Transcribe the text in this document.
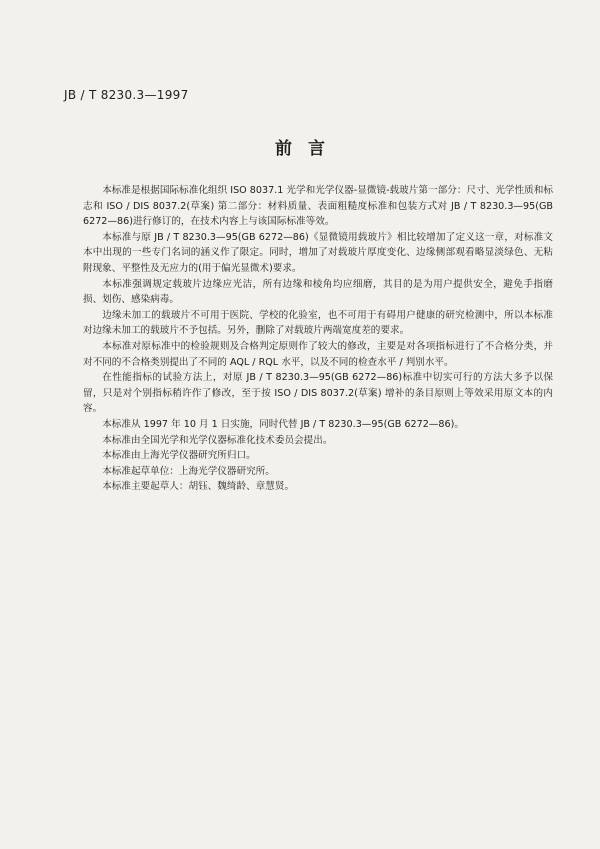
JB / T 8230.3—1997
前言

本标准是根据国际标准化组织 ISO 8037.1 光学和光学仪器-显微镜-载玻片第一部分：尺寸、光学性质和标志和 ISO / DIS 8037.2(草案) 第二部分：材料质量、表面粗糙度标准和包装方式对 JB / T 8230.3—95(GB 6272—86)进行修订的，在技术内容上与该国际标准等效。

本标准与原 JB / T 8230.3—95(GB 6272—86)《显微镜用载玻片》相比较增加了定义这一章，对标准文本中出现的一些专门名词的涵义作了限定。同时，增加了对载玻片厚度变化、边缘侧部观看略显淡绿色、无粘附现象、平整性及无应力的(用于偏光显微术)要求。

本标准强调规定载玻片边缘应光洁，所有边缘和棱角均应细磨，其目的是为用户提供安全，避免手指磨损、划伤、感染病毒。

边缘未加工的载玻片不可用于医院、学校的化验室，也不可用于有碍用户健康的研究检测中，所以本标准对边缘未加工的载玻片不予包括。另外，删除了对载玻片两端宽度差的要求。

本标准对原标准中的检验规则及合格判定原则作了较大的修改，主要是对各项指标进行了不合格分类，并对不同的不合格类别提出了不同的 AQL / RQL 水平，以及不同的检查水平 / 判别水平。

在性能指标的试验方法上，对原 JB / T 8230.3—95(GB 6272—86)标准中切实可行的方法大多予以保留，只是对个别指标稍许作了修改，至于按 ISO / DIS 8037.2(草案) 增补的条目原则上等效采用原文本的内容。

本标准从 1997 年 10 月 1 日实施，同时代替 JB / T 8230.3—95(GB 6272—86)。

本标准由全国光学和光学仪器标准化技术委员会提出。

本标准由上海光学仪器研究所归口。

本标准起草单位：上海光学仪器研究所。

本标准主要起草人：胡钰、魏绮龄、章慧贤。
